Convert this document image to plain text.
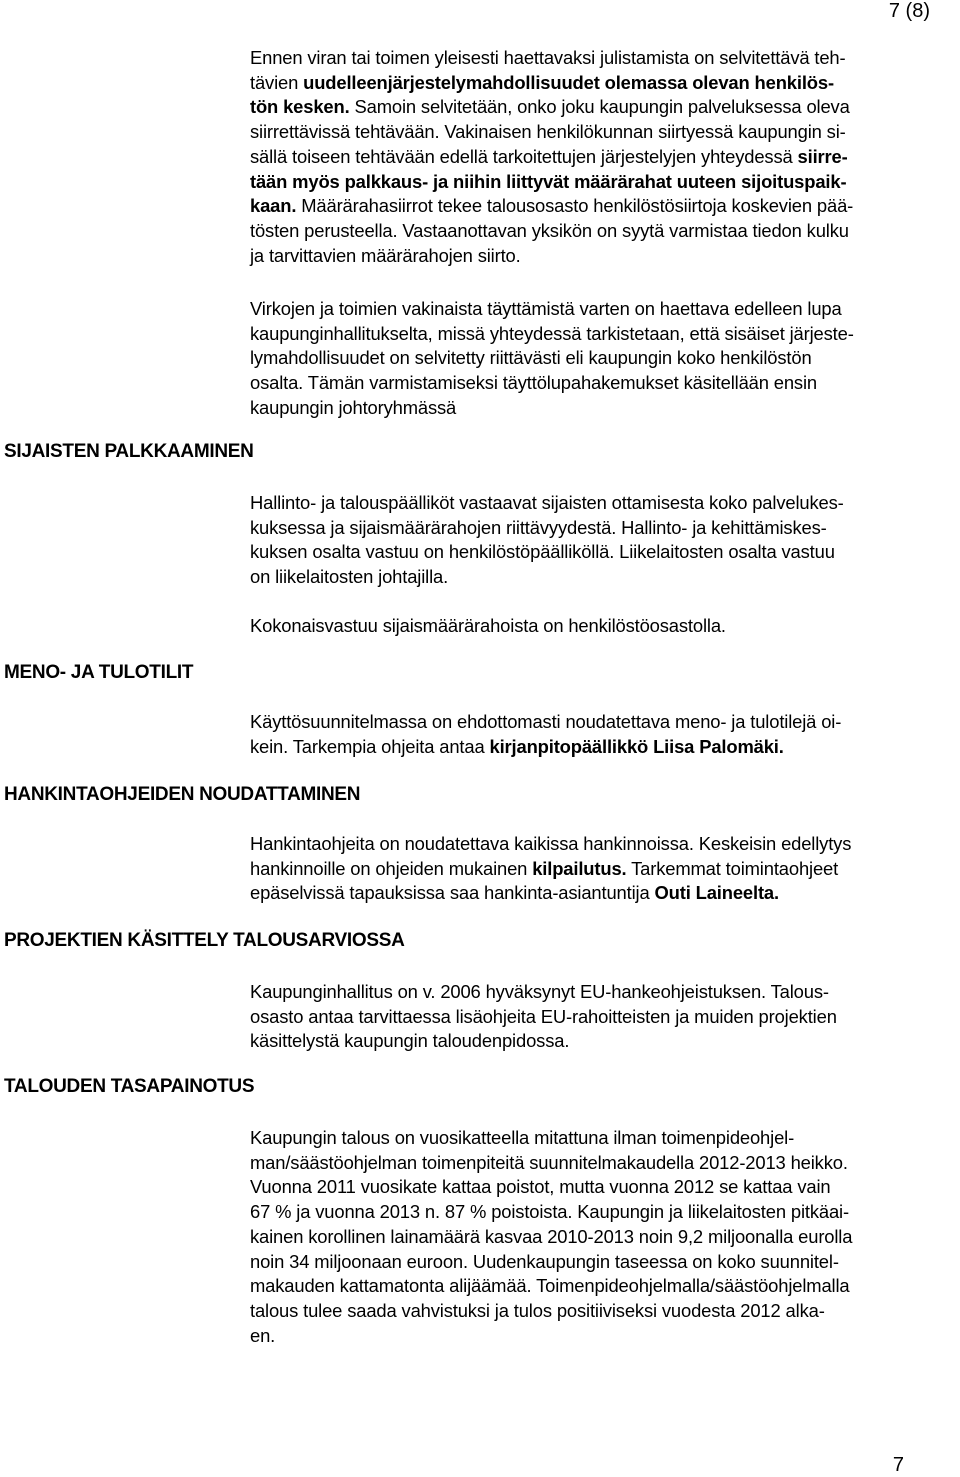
7 (8)
SIJAISTEN PALKKAAMINEN
MENO- JA TULOTILIT
HANKINTAOHJEIDEN NOUDATTAMINEN
PROJEKTIEN KÄSITTELY TALOUSARVIOSSA
TALOUDEN TASAPAINOTUS
Ennen viran tai toimen yleisesti haettavaksi julistamista on selvitettävä teh-
tävien uudelleenjärjestelymahdollisuudet olemassa olevan henkilös-
tön kesken. Samoin selvitetään, onko joku kaupungin palveluksessa oleva
siirrettävissä tehtävään. Vakinaisen henkilökunnan siirtyessä kaupungin si-
sällä toiseen tehtävään edellä tarkoitettujen järjestelyjen yhteydessä siirre-
tään myös palkkaus- ja niihin liittyvät määrärahat uuteen sijoituspaik-
kaan. Määrärahasiirrot tekee talousosasto henkilöstösiirtoja koskevien pää-
tösten perusteella. Vastaanottavan yksikön on syytä varmistaa tiedon kulku
ja tarvittavien määrärahojen siirto.
Virkojen ja toimien vakinaista täyttämistä varten on haettava edelleen lupa
kaupunginhallitukselta, missä yhteydessä tarkistetaan, että sisäiset järjeste-
lymahdollisuudet on selvitetty riittävästi eli kaupungin koko henkilöstön
osalta. Tämän varmistamiseksi täyttölupahakemukset käsitellään ensin
kaupungin johtoryhmässä
Hallinto- ja talouspäälliköt vastaavat sijaisten ottamisesta koko palvelukes-
kuksessa ja sijaismäärärahojen riittävyydestä. Hallinto- ja kehittämiskes-
kuksen osalta vastuu on henkilöstöpäälliköllä. Liikelaitosten osalta vastuu
on liikelaitosten johtajilla.
Kokonaisvastuu sijaismäärärahoista on henkilöstöosastolla.
Käyttösuunnitelmassa on ehdottomasti noudatettava meno- ja tulotilejä oi-
kein. Tarkempia ohjeita antaa kirjanpitopäällikkö Liisa Palomäki.
Hankintaohjeita on noudatettava kaikissa hankinnoissa. Keskeisin edellytys
hankinnoille on ohjeiden mukainen kilpailutus. Tarkemmat toimintaohjeet
epäselvissä tapauksissa saa hankinta-asiantuntija Outi Laineelta.
Kaupunginhallitus on v. 2006 hyväksynyt EU-hankeohjeistuksen. Talous-
osasto antaa tarvittaessa lisäohjeita EU-rahoitteisten ja muiden projektien
käsittelystä kaupungin taloudenpidossa.
Kaupungin talous on vuosikatteella mitattuna ilman toimenpideohjel-
man/säästöohjelman toimenpiteitä suunnitelmakaudella 2012-2013 heikko.
Vuonna 2011 vuosikate kattaa poistot, mutta vuonna 2012 se kattaa vain
67 % ja vuonna 2013 n. 87 % poistoista. Kaupungin ja liikelaitosten pitkäai-
kainen korollinen lainamäärä kasvaa 2010-2013 noin 9,2 miljoonalla eurolla
noin 34 miljoonaan euroon. Uudenkaupungin taseessa on koko suunnitel-
makauden kattamatonta alijäämää. Toimenpideohjelmalla/säästöohjelmalla
talous tulee saada vahvistuksi ja tulos positiiviseksi vuodesta 2012 alka-
en.
7
